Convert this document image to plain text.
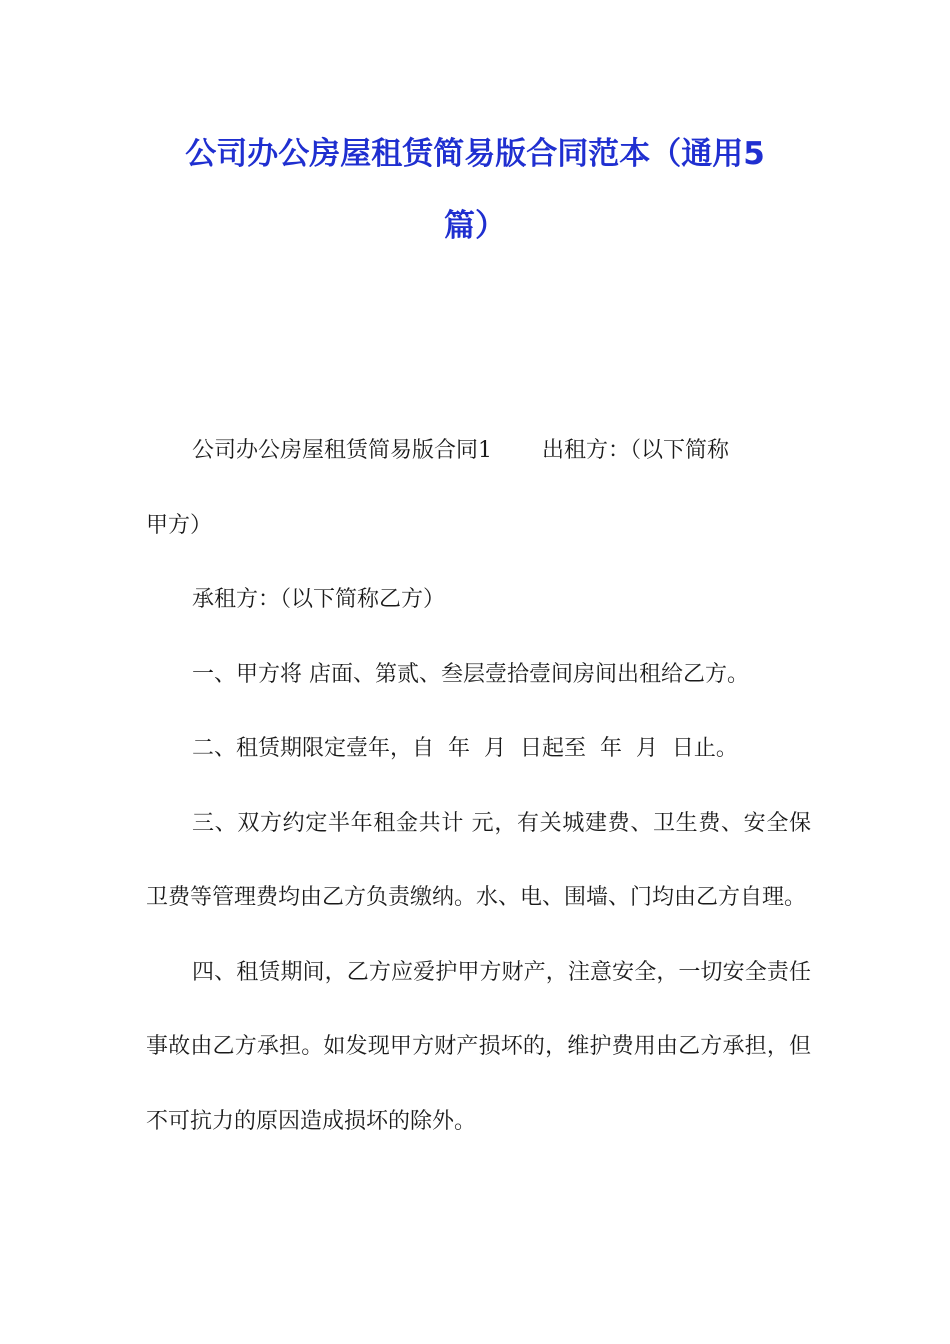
公司办公房屋租赁简易版合同范本（通用5
篇）

公司办公房屋租赁简易版合同1 出租方：（以下简称
甲方）

承租方：（以下简称乙方）

一、甲方将 店面、第贰、叁层壹拾壹间房间出租给乙方。

二、租赁期限定壹年，自  年  月  日起至  年  月  日止。

三、双方约定半年租金共计 元，有关城建费、卫生费、安全保卫费等管理费均由乙方负责缴纳。水、电、围墙、门均由乙方自理。

四、租赁期间，乙方应爱护甲方财产，注意安全，一切安全责任事故由乙方承担。如发现甲方财产损坏的，维护费用由乙方承担，但不可抗力的原因造成损坏的除外。
